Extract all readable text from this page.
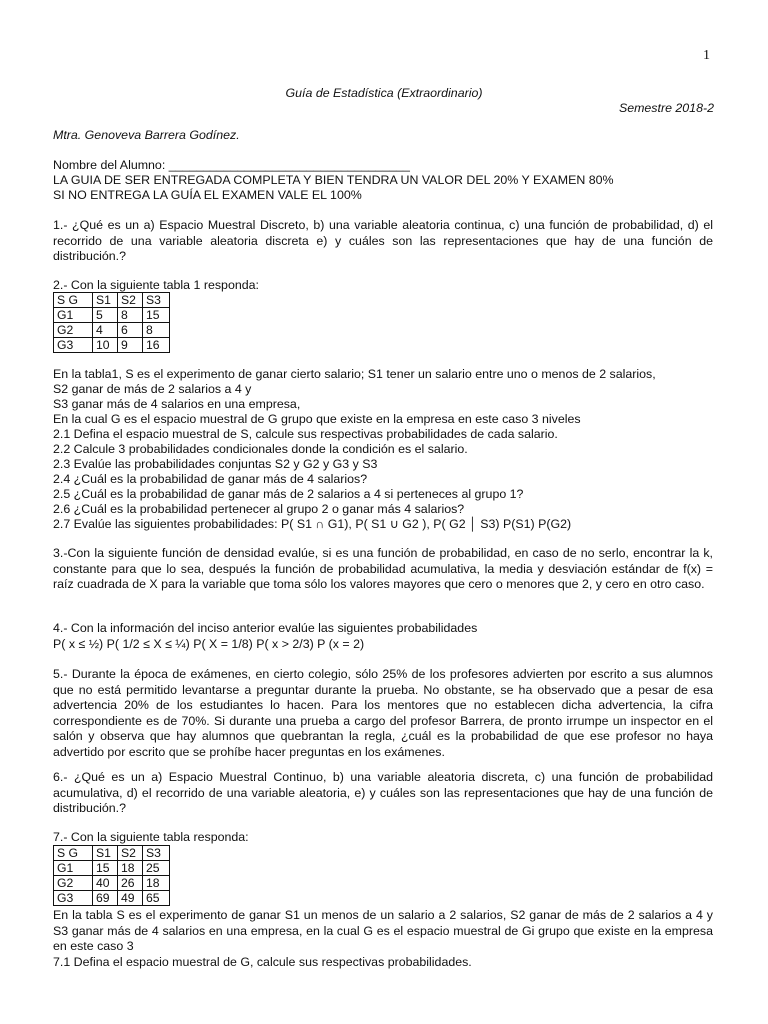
1
Guía de Estadística (Extraordinario)
Semestre 2018-2
Mtra. Genoveva Barrera Godínez.
Nombre del Alumno: ___________________________________
LA GUIA DE SER ENTREGADA COMPLETA Y BIEN TENDRA UN VALOR DEL 20% Y EXAMEN 80%
SI NO ENTREGA LA GUÍA EL EXAMEN VALE EL 100%
1.- ¿Qué es un a) Espacio Muestral Discreto, b) una variable aleatoria continua, c) una función de probabilidad, d) el recorrido de una variable aleatoria discreta e) y cuáles son las representaciones que hay de una función de distribución.?
2.- Con la siguiente tabla 1 responda:
S G	S1	S2	S3
G1	5	8	15
G2	4	6	8
G3	10	9	16
En la tabla1, S es el experimento de ganar cierto salario; S1 tener un salario entre uno o menos de 2 salarios,
S2 ganar de más de 2 salarios a 4 y
S3 ganar más de 4 salarios en una empresa,
En la cual G es el espacio muestral de G grupo que existe en la empresa en este caso 3 niveles
2.1 Defina el espacio muestral de S, calcule sus respectivas probabilidades de cada salario.
2.2 Calcule 3 probabilidades condicionales donde la condición es el salario.
2.3 Evalúe las probabilidades conjuntas S2 y G2 y G3 y S3
2.4 ¿Cuál es la probabilidad de ganar más de 4 salarios?
2.5 ¿Cuál es la probabilidad de ganar más de 2 salarios a 4 si perteneces al grupo 1?
2.6 ¿Cuál es la probabilidad pertenecer al grupo 2 o ganar más 4 salarios?
2.7 Evalúe las siguientes probabilidades: P( S1 ∩ G1), P( S1 ∪ G2 ), P( G2 │ S3) P(S1) P(G2)
3.-Con la siguiente función de densidad evalúe, si es una función de probabilidad, en caso de no serlo, encontrar la k, constante para que lo sea, después la función de probabilidad acumulativa, la media y desviación estándar de f(x) = raíz cuadrada de X para la variable que toma sólo los valores mayores que cero o menores que 2, y cero en otro caso.
4.- Con la información del inciso anterior evalúe las siguientes probabilidades
P( x ≤ ½) P( 1/2 ≤ X ≤ ¼) P( X = 1/8) P( x > 2/3) P (x = 2)
5.- Durante la época de exámenes, en cierto colegio, sólo 25% de los profesores advierten por escrito a sus alumnos que no está permitido levantarse a preguntar durante la prueba. No obstante, se ha observado que a pesar de esa advertencia 20% de los estudiantes lo hacen. Para los mentores que no establecen dicha advertencia, la cifra correspondiente es de 70%. Si durante una prueba a cargo del profesor Barrera, de pronto irrumpe un inspector en el salón y observa que hay alumnos que quebrantan la regla, ¿cuál es la probabilidad de que ese profesor no haya advertido por escrito que se prohíbe hacer preguntas en los exámenes.
6.- ¿Qué es un a) Espacio Muestral Continuo, b) una variable aleatoria discreta, c) una función de probabilidad acumulativa, d) el recorrido de una variable aleatoria, e) y cuáles son las representaciones que hay de una función de distribución.?
7.- Con la siguiente tabla responda:
S G	S1	S2	S3
G1	15	18	25
G2	40	26	18
G3	69	49	65
En la tabla S es el experimento de ganar S1 un menos de un salario a 2 salarios, S2 ganar de más de 2 salarios a 4 y S3 ganar más de 4 salarios en una empresa, en la cual G es el espacio muestral de Gi grupo que existe en la empresa en este caso 3
7.1 Defina el espacio muestral de G, calcule sus respectivas probabilidades.
